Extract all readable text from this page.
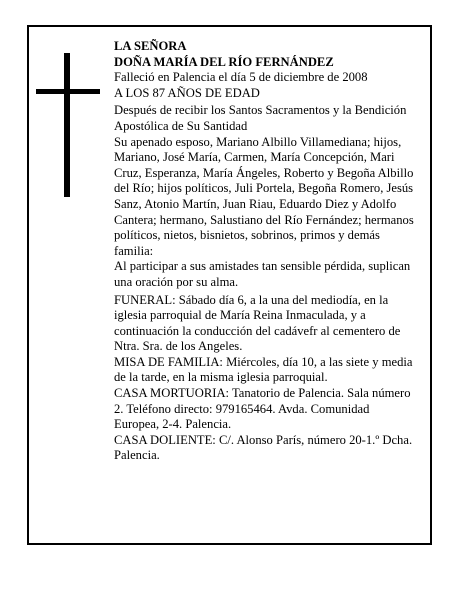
LA SEÑORA

DOÑA MARÍA DEL RÍO FERNÁNDEZ

Falleció en Palencia el día 5 de diciembre de 2008

A LOS 87 AÑOS DE EDAD

Después de recibir los Santos Sacramentos y la Bendición Apostólica de Su Santidad

Su apenado esposo, Mariano Albillo Villamediana; hijos, Mariano, José María, Carmen, María Concepción, Mari Cruz, Esperanza, María Ángeles, Roberto y Begoña Albillo del Río; hijos políticos, Juli Portela, Begoña Romero, Jesús Sanz, Atonio Martín, Juan Riau, Eduardo Diez y Adolfo Cantera; hermano, Salustiano del Río Fernández; hermanos políticos, nietos, bisnietos, sobrinos, primos y demás familia:

Al participar a sus amistades tan sensible pérdida, suplican una oración por su alma.

FUNERAL: Sábado día 6, a la una del mediodía, en la iglesia parroquial de María Reina Inmaculada, y a continuación la conducción del cadávefr al cementero de Ntra. Sra. de los Angeles.

MISA DE FAMILIA: Miércoles, día 10, a las siete y media de la tarde, en la misma iglesia parroquial.

CASA MORTUORIA: Tanatorio de Palencia. Sala número 2. Teléfono directo: 979165464. Avda. Comunidad Europea, 2-4. Palencia.

CASA DOLIENTE: C/. Alonso París, número 20-1.º Dcha. Palencia.
